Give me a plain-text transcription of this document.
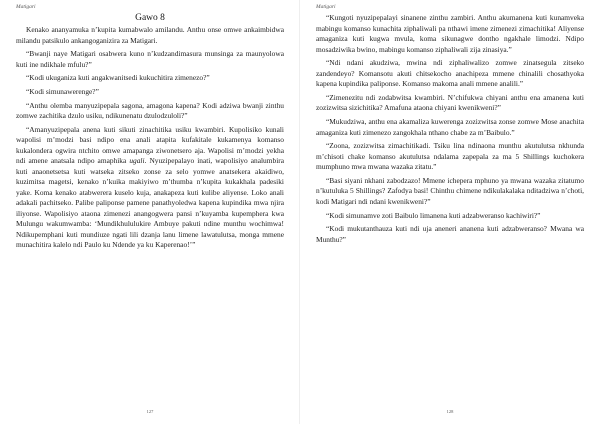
Matigari
Gawo 8

Kenako ananyamuka n’kupita kumabwalo amilandu. Anthu onse omwe ankaimbidwa milandu patsikulo ankangoganizira za Matigari.

“Bwanji naye Matigari osabwera kuno n’kudzandimasura munsinga za maunyolowa kuti ine ndikhale mfulu?”

“Kodi ukuganiza kuti angakwanitsedi kukuchitira zimenezo?”

“Kodi simunawerenge?”

“Anthu olemba manyuzipepala sagona, amagona kapena? Kodi adziwa bwanji zinthu zomwe zachitika dzulo usiku, ndikunenatu dzulodzuloli?”

“Amanyuzipepala anena kuti sikuti zinachitika usiku kwambiri. Kupolisiko kunali wapolisi m’modzi basi ndipo ena anali atapita kufakitale kukamenya komanso kukalondera ogwira ntchito omwe amapanga ziwonetsero aja. Wapolisi m’modzi yekha ndi amene anatsala ndipo amaphika ugali. Nyuzipepalayo inati, wapolisiyo analumbira kuti anaonetsetsa kuti watseka zitseko zonse za selo yomwe anatsekera akaidiwo, kuzimitsa magetsi, kenako n’kuika makiyiwo m’thumba n’kupita kukakhala padesiki yake. Koma kenako atabwerera kuselo kuja, anakapeza kuti kulibe aliyense. Loko anali adakali pachitseko. Palibe paliponse pamene panathyoledwa kapena kupindika mwa njira iliyonse. Wapolisiyo ataona zimenezi anangogwera pansi n’kuyamba kupemphera kwa Mulungu wakumwamba: ‘Mundikhululukire Ambuye pakuti ndine munthu wochimwa! Ndikupemphani kuti mundiuze ngati lili dzanja lanu limene lawatulutsa, monga mmene munachitira kalelo ndi Paulo ku Ndende ya ku Kaperenao!’”

127
Matigari

“Kungoti nyuzipepalayi sinanene zinthu zambiri. Anthu akumanena kuti kunamveka mabingu komanso kunachita ziphaliwali pa nthawi imene zimenezi zimachitika! Aliyense amaganiza kuti kugwa mvula, koma sikunagwe dontho ngakhale limodzi. Ndipo mosadziwika bwino, mabingu komanso ziphaliwali zija zinasiya.”

“Ndi ndani akudziwa, mwina ndi ziphaliwalizo zomwe zinatsegula zitseko zandendeyo? Komansotu akuti chitsekocho anachipeza mmene chinalili chosathyoka kapena kupindika paliponse. Komanso makoma anali mmene analili.”

“Zimenezitu ndi zodabwitsa kwambiri. N’chifukwa chiyani anthu ena amanena kuti zozizwitsa sizichitika? Amafuna ataona chiyani kwenikweni?”

“Mukudziwa, anthu ena akamaliza kuwerenga zozizwitsa zonse zomwe Mose anachita amaganiza kuti zimenezo zangokhala nthano chabe za m’Baibulo.”

“Zoona, zozizwitsa zimachitikadi. Tsiku lina ndinaona munthu akutulutsa nkhunda m’chisoti chake komanso akutulutsa ndalama zapepala za ma 5 Shillings kuchokera mumphuno mwa mwana wazaka zitatu.”

“Basi siyani nkhani zabodzazo! Mmene ichepera mphuno ya mwana wazaka zitatumo n’kutuluka 5 Shillings? Zafodya basi! Chinthu chimene ndikulakalaka nditadziwa n’choti, kodi Matigari ndi ndani kwenikweni?”

“Kodi simunamve zoti Baibulo limanena kuti adzabweranso kachiwiri?”

“Kodi mukutanthauza kuti ndi uja aneneri ananena kuti adzabweranso? Mwana wa Munthu?”

128
